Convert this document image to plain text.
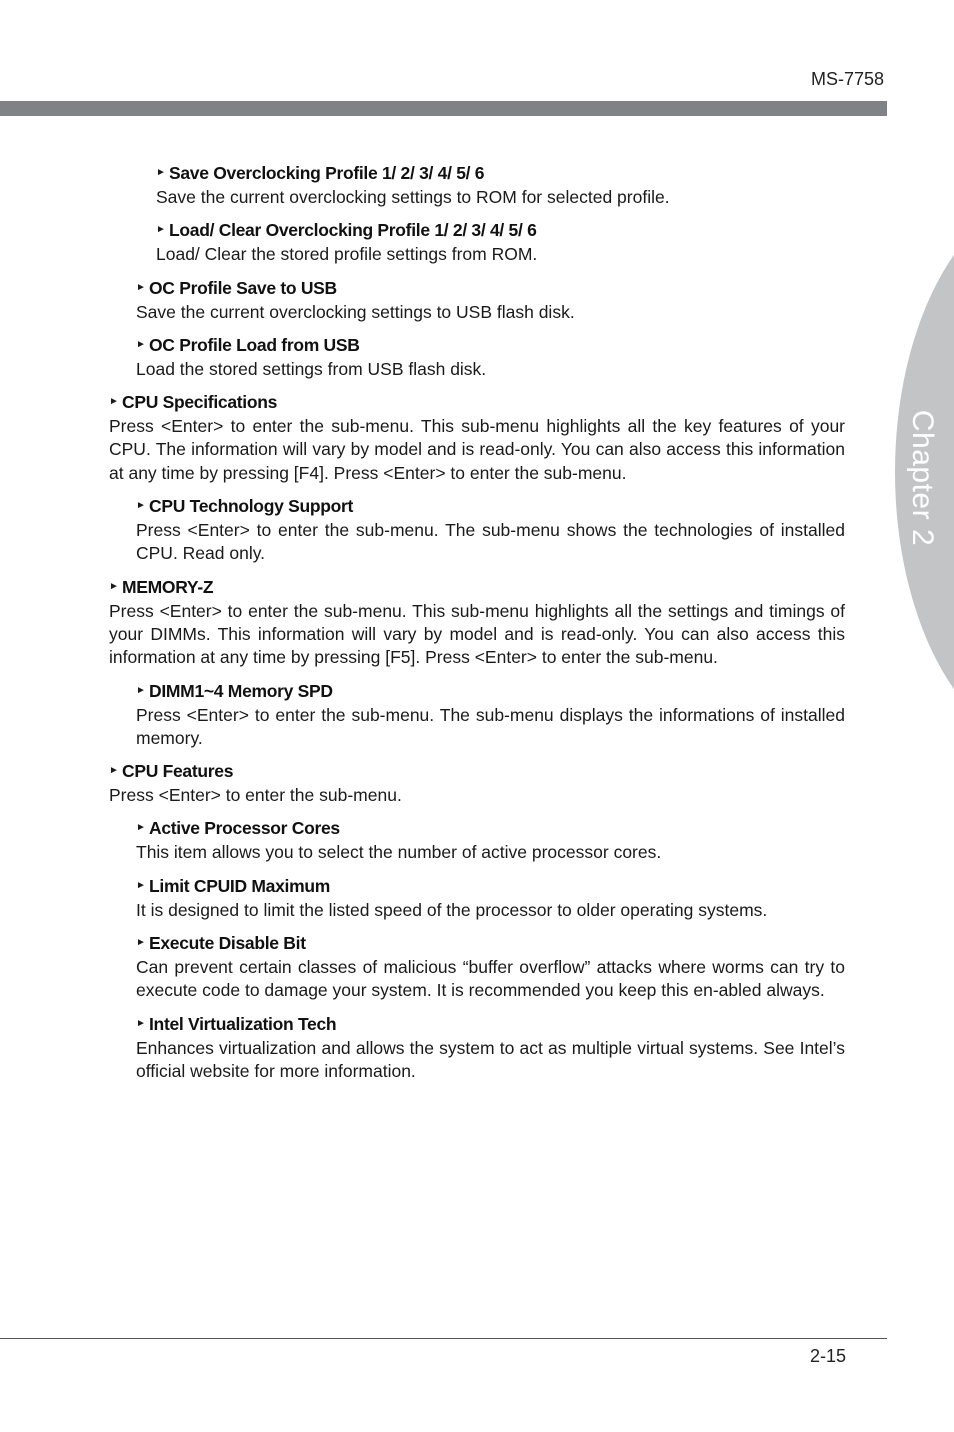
MS-7758
Chapter 2
► Save Overclocking Profile 1/ 2/ 3/ 4/ 5/ 6
Save the current overclocking settings to ROM for selected profile.
► Load/ Clear Overclocking Profile 1/ 2/ 3/ 4/ 5/ 6
Load/ Clear the stored profile settings from ROM.
► OC Profile Save to USB
Save the current overclocking settings to USB flash disk.
► OC Profile Load from USB
Load the stored settings from USB flash disk.
► CPU Specifications
Press <Enter> to enter the sub-menu. This sub-menu highlights all the key features of your CPU. The information will vary by model and is read-only. You can also access this information at any time by pressing [F4]. Press <Enter> to enter the sub-menu.
► CPU Technology Support
Press <Enter> to enter the sub-menu. The sub-menu shows the technologies of installed CPU. Read only.
► MEMORY-Z
Press <Enter> to enter the sub-menu. This sub-menu highlights all the settings and timings of your DIMMs. This information will vary by model and is read-only. You can also access this information at any time by pressing [F5]. Press <Enter> to enter the sub-menu.
► DIMM1~4 Memory SPD
Press <Enter> to enter the sub-menu. The sub-menu displays the informations of installed memory.
► CPU Features
Press <Enter> to enter the sub-menu.
► Active Processor Cores
This item allows you to select the number of active processor cores.
► Limit CPUID Maximum
It is designed to limit the listed speed of the processor to older operating systems.
► Execute Disable Bit
Can prevent certain classes of malicious “buffer overflow” attacks where worms can try to execute code to damage your system. It is recommended you keep this en-abled always.
► Intel Virtualization Tech
Enhances virtualization and allows the system to act as multiple virtual systems. See Intel’s official website for more information.
2-15
